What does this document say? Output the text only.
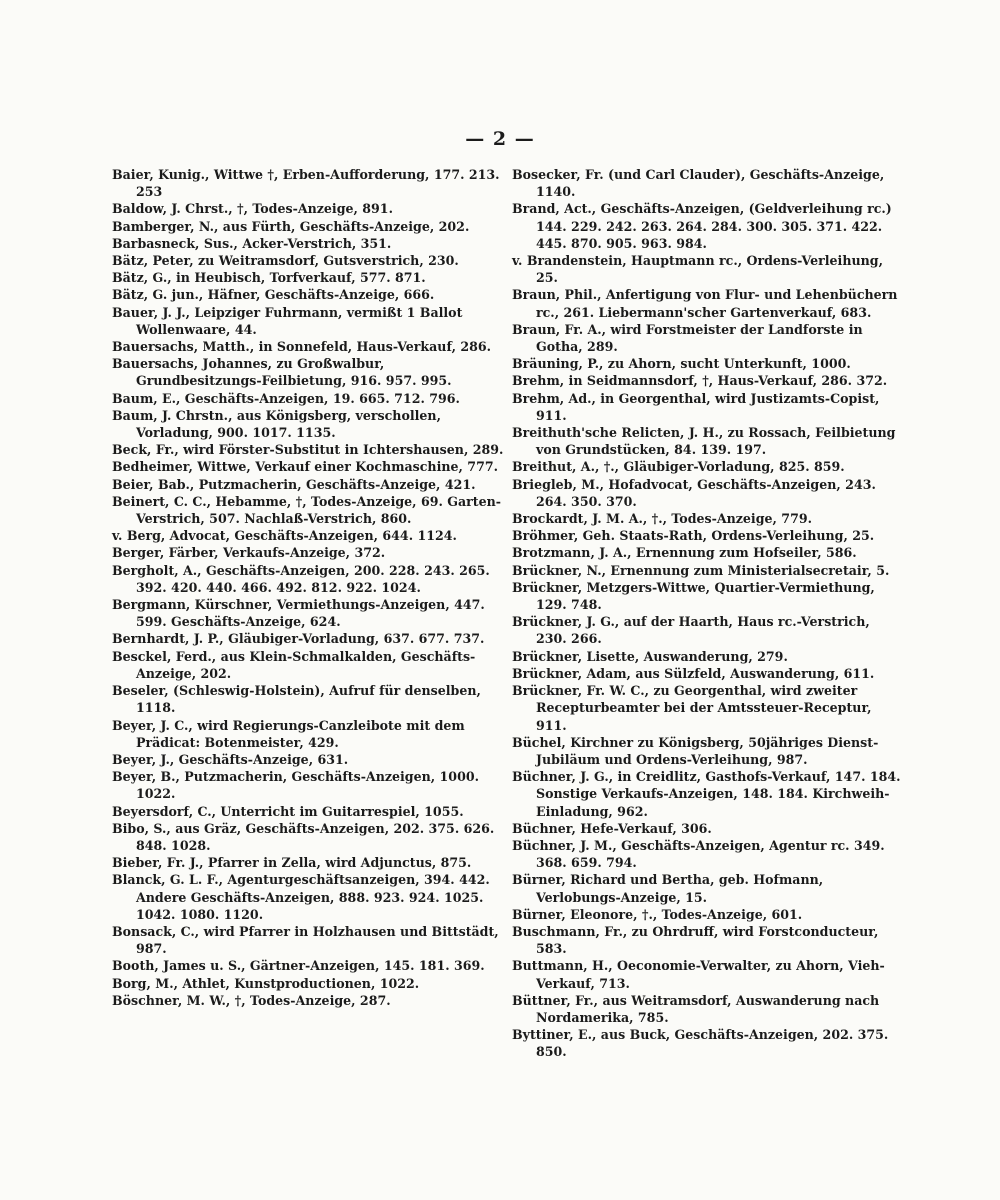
— 2 —

Baier, Kunig., Wittwe †, Erben-Aufforderung, 177. 213. 253

Baldow, J. Chrst., †, Todes-Anzeige, 891.

Bamberger, N., aus Fürth, Geschäfts-Anzeige, 202.

Barbasneck, Sus., Acker-Verstrich, 351.

Bätz, Peter, zu Weitramsdorf, Gutsverstrich, 230.

Bätz, G., in Heubisch, Torfverkauf, 577. 871.

Bätz, G. jun., Häfner, Geschäfts-Anzeige, 666.

Bauer, J. J., Leipziger Fuhrmann, vermißt 1 Ballot Wollenwaare, 44.

Bauersachs, Matth., in Sonnefeld, Haus-Verkauf, 286.

Bauersachs, Johannes, zu Großwalbur, Grundbesitzungs-Feilbietung, 916. 957. 995.

Baum, E., Geschäfts-Anzeigen, 19. 665. 712. 796.

Baum, J. Chrstn., aus Königsberg, verschollen, Vorladung, 900. 1017. 1135.

Beck, Fr., wird Förster-Substitut in Ichtershausen, 289.

Bedheimer, Wittwe, Verkauf einer Kochmaschine, 777.

Beier, Bab., Putzmacherin, Geschäfts-Anzeige, 421.

Beinert, C. C., Hebamme, †, Todes-Anzeige, 69. Garten-Verstrich, 507. Nachlaß-Verstrich, 860.

v. Berg, Advocat, Geschäfts-Anzeigen, 644. 1124.

Berger, Färber, Verkaufs-Anzeige, 372.

Bergholt, A., Geschäfts-Anzeigen, 200. 228. 243. 265. 392. 420. 440. 466. 492. 812. 922. 1024.

Bergmann, Kürschner, Vermiethungs-Anzeigen, 447. 599. Geschäfts-Anzeige, 624.

Bernhardt, J. P., Gläubiger-Vorladung, 637. 677. 737.

Besckel, Ferd., aus Klein-Schmalkalden, Geschäfts-Anzeige, 202.

Beseler, (Schleswig-Holstein), Aufruf für denselben, 1118.

Beyer, J. C., wird Regierungs-Canzleibote mit dem Prädicat: Botenmeister, 429.

Beyer, J., Geschäfts-Anzeige, 631.

Beyer, B., Putzmacherin, Geschäfts-Anzeigen, 1000. 1022.

Beyersdorf, C., Unterricht im Guitarrespiel, 1055.

Bibo, S., aus Gräz, Geschäfts-Anzeigen, 202. 375. 626. 848. 1028.

Bieber, Fr. J., Pfarrer in Zella, wird Adjunctus, 875.

Blanck, G. L. F., Agenturgeschäftsanzeigen, 394. 442. Andere Geschäfts-Anzeigen, 888. 923. 924. 1025. 1042. 1080. 1120.

Bonsack, C., wird Pfarrer in Holzhausen und Bittstädt, 987.

Booth, James u. S., Gärtner-Anzeigen, 145. 181. 369.

Borg, M., Athlet, Kunstproductionen, 1022.

Böschner, M. W., †, Todes-Anzeige, 287.

Bosecker, Fr. (und Carl Clauder), Geschäfts-Anzeige, 1140.

Brand, Act., Geschäfts-Anzeigen, (Geldverleihung rc.) 144. 229. 242. 263. 264. 284. 300. 305. 371. 422. 445. 870. 905. 963. 984.

v. Brandenstein, Hauptmann rc., Ordens-Verleihung, 25.

Braun, Phil., Anfertigung von Flur- und Lehenbüchern rc., 261. Liebermann'scher Gartenverkauf, 683.

Braun, Fr. A., wird Forstmeister der Landforste in Gotha, 289.

Bräuning, P., zu Ahorn, sucht Unterkunft, 1000.

Brehm, in Seidmannsdorf, †, Haus-Verkauf, 286. 372.

Brehm, Ad., in Georgenthal, wird Justizamts-Copist, 911.

Breithuth'sche Relicten, J. H., zu Rossach, Feilbietung von Grundstücken, 84. 139. 197.

Breithut, A., †., Gläubiger-Vorladung, 825. 859.

Briegleb, M., Hofadvocat, Geschäfts-Anzeigen, 243. 264. 350. 370.

Brockardt, J. M. A., †., Todes-Anzeige, 779.

Bröhmer, Geh. Staats-Rath, Ordens-Verleihung, 25.

Brotzmann, J. A., Ernennung zum Hofseiler, 586.

Brückner, N., Ernennung zum Ministerialsecretair, 5.

Brückner, Metzgers-Wittwe, Quartier-Vermiethung, 129. 748.

Brückner, J. G., auf der Haarth, Haus rc.-Verstrich, 230. 266.

Brückner, Lisette, Auswanderung, 279.

Brückner, Adam, aus Sülzfeld, Auswanderung, 611.

Brückner, Fr. W. C., zu Georgenthal, wird zweiter Recepturbeamter bei der Amtssteuer-Receptur, 911.

Büchel, Kirchner zu Königsberg, 50jähriges Dienst-Jubiläum und Ordens-Verleihung, 987.

Büchner, J. G., in Creidlitz, Gasthofs-Verkauf, 147. 184. Sonstige Verkaufs-Anzeigen, 148. 184. Kirchweih-Einladung, 962.

Büchner, Hefe-Verkauf, 306.

Büchner, J. M., Geschäfts-Anzeigen, Agentur rc. 349. 368. 659. 794.

Bürner, Richard und Bertha, geb. Hofmann, Verlobungs-Anzeige, 15.

Bürner, Eleonore, †., Todes-Anzeige, 601.

Buschmann, Fr., zu Ohrdruff, wird Forstconducteur, 583.

Buttmann, H., Oeconomie-Verwalter, zu Ahorn, Vieh-Verkauf, 713.

Büttner, Fr., aus Weitramsdorf, Auswanderung nach Nordamerika, 785.

Byttiner, E., aus Buck, Geschäfts-Anzeigen, 202. 375. 850.
